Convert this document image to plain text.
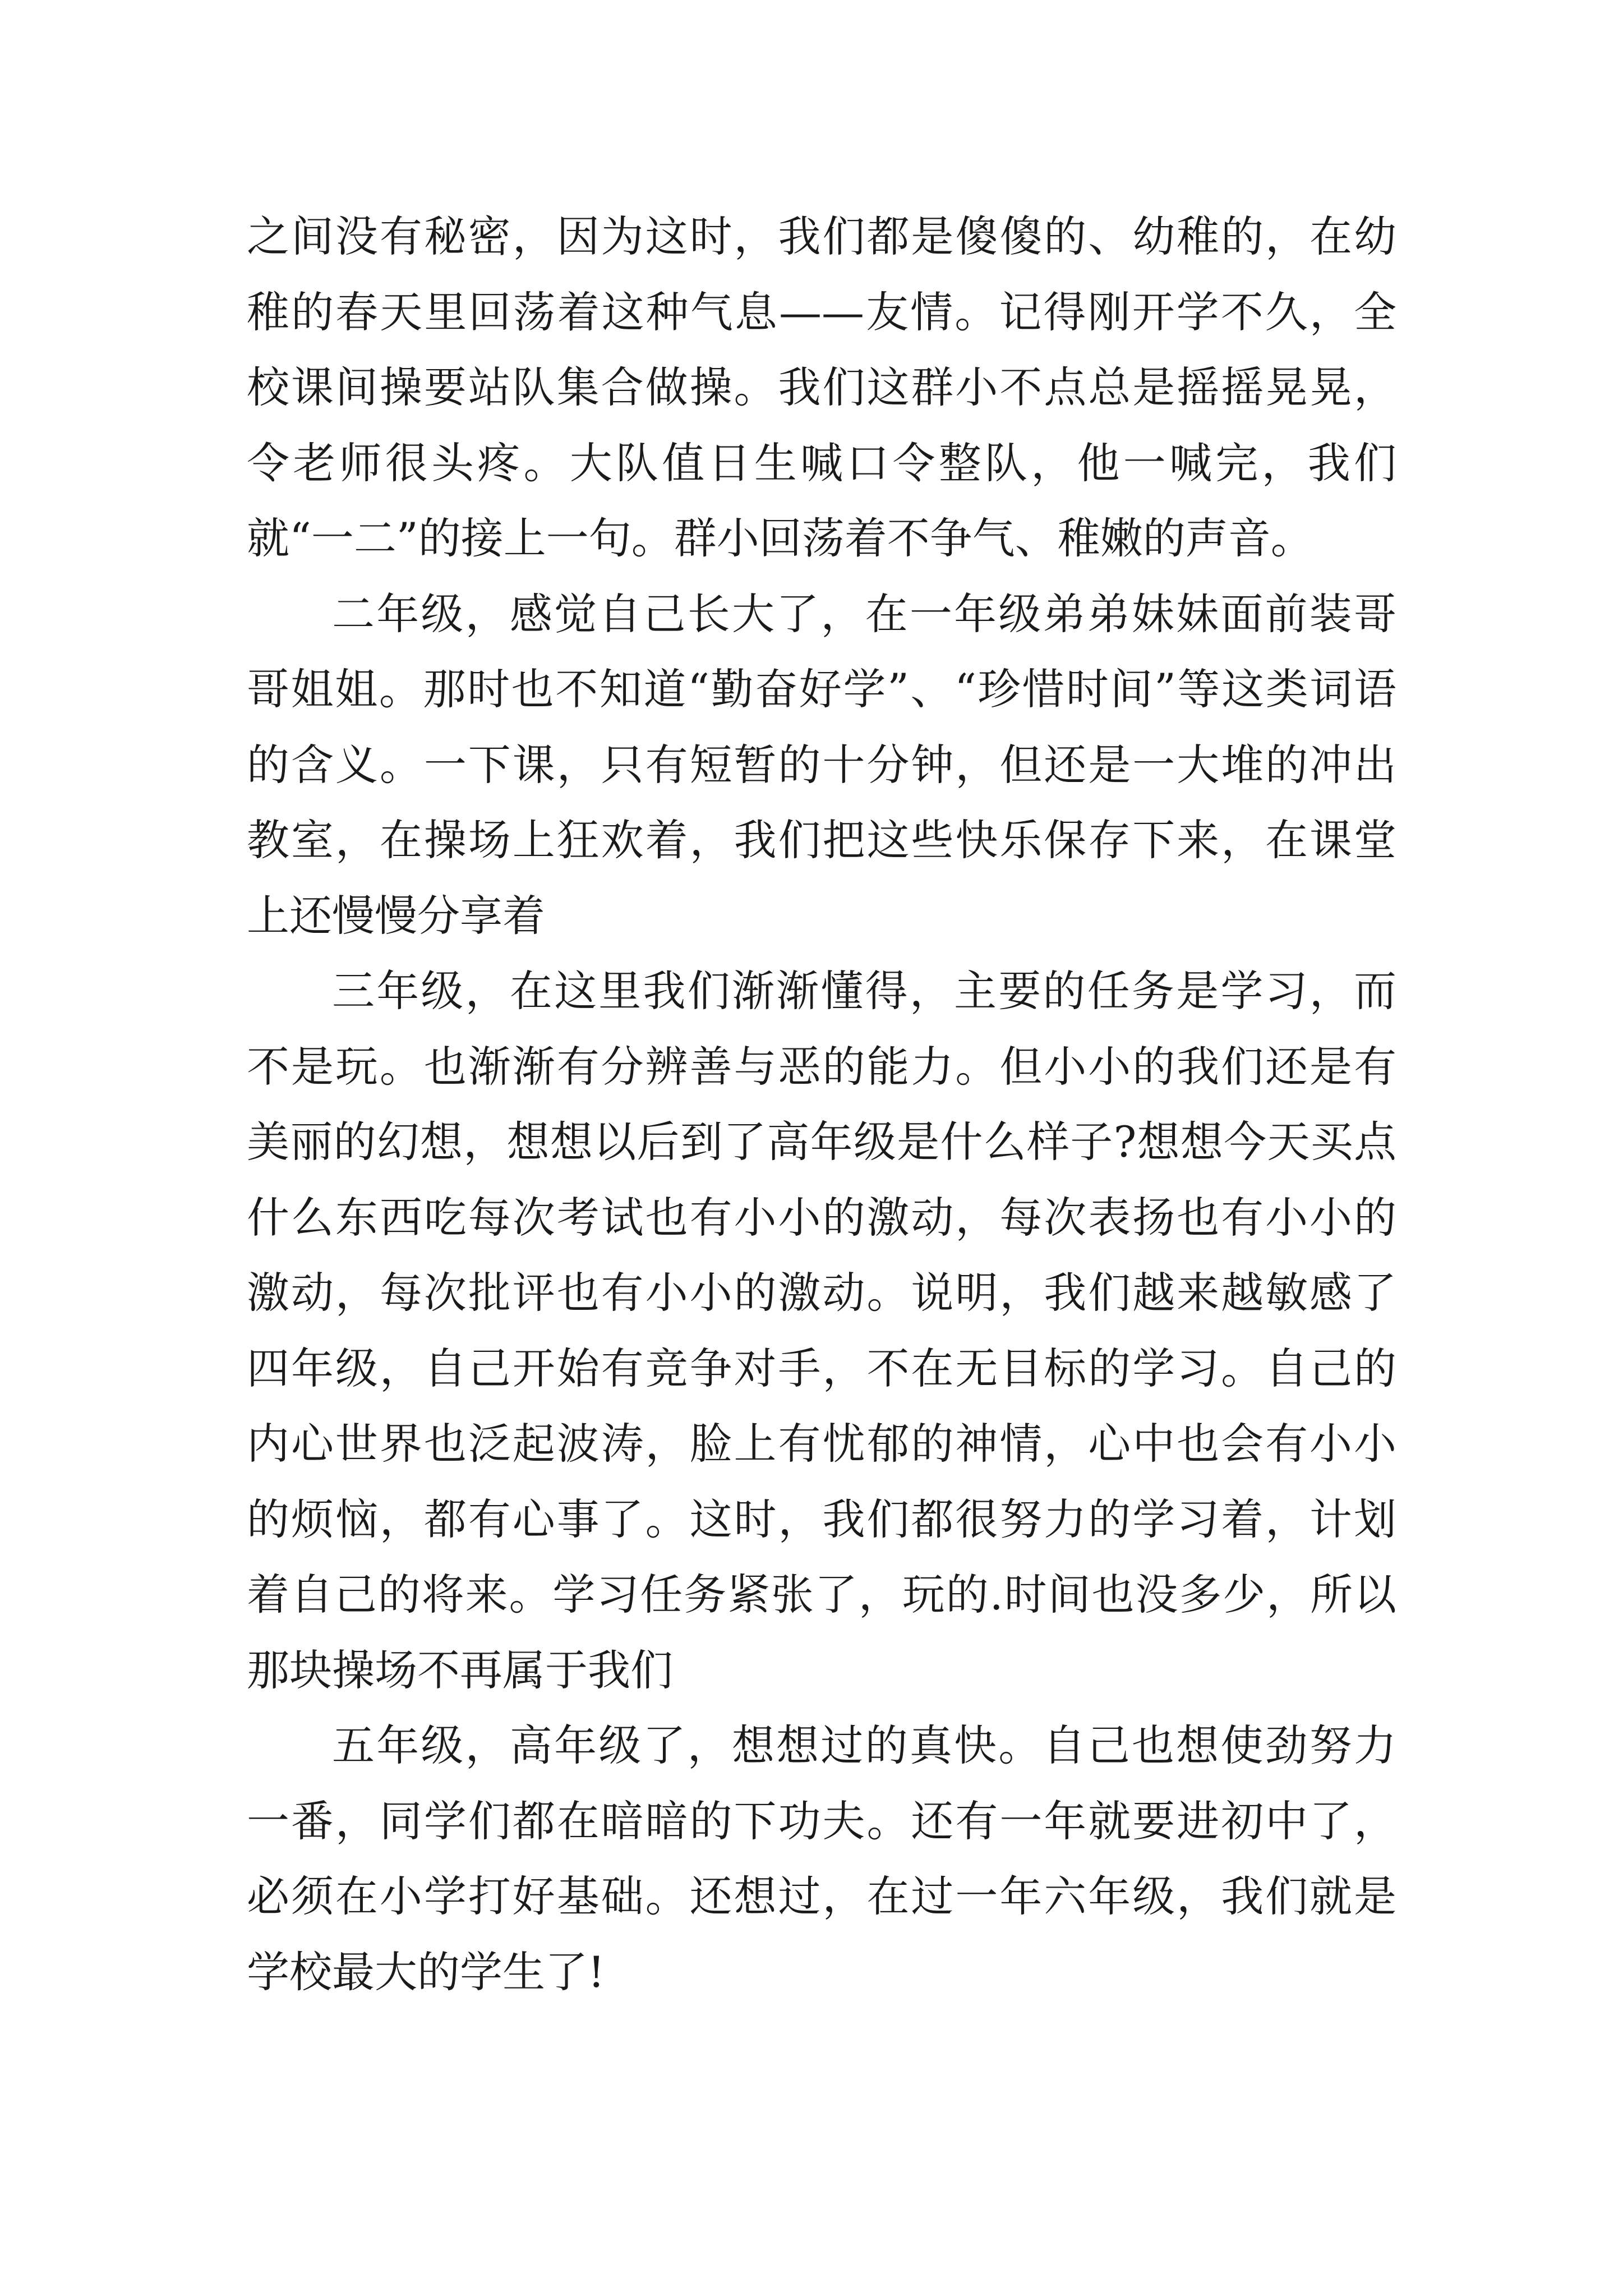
之间没有秘密，因为这时，我们都是傻傻的、幼稚的，在幼稚的春天里回荡着这种气息——友情。记得刚开学不久，全校课间操要站队集合做操。我们这群小不点总是摇摇晃晃，令老师很头疼。大队值日生喊口令整队，他一喊完，我们就“一二”的接上一句。群小回荡着不争气、稚嫩的声音。

二年级，感觉自己长大了，在一年级弟弟妹妹面前装哥哥姐姐。那时也不知道“勤奋好学”、“珍惜时间”等这类词语的含义。一下课，只有短暂的十分钟，但还是一大堆的冲出教室，在操场上狂欢着，我们把这些快乐保存下来，在课堂上还慢慢分享着

三年级，在这里我们渐渐懂得，主要的任务是学习，而不是玩。也渐渐有分辨善与恶的能力。但小小的我们还是有美丽的幻想，想想以后到了高年级是什么样子?想想今天买点什么东西吃每次考试也有小小的激动，每次表扬也有小小的激动，每次批评也有小小的激动。说明，我们越来越敏感了四年级，自己开始有竞争对手，不在无目标的学习。自己的内心世界也泛起波涛，脸上有忧郁的神情，心中也会有小小的烦恼，都有心事了。这时，我们都很努力的学习着，计划着自己的将来。学习任务紧张了，玩的.时间也没多少，所以那块操场不再属于我们

五年级，高年级了，想想过的真快。自己也想使劲努力一番，同学们都在暗暗的下功夫。还有一年就要进初中了，必须在小学打好基础。还想过，在过一年六年级，我们就是学校最大的学生了!
